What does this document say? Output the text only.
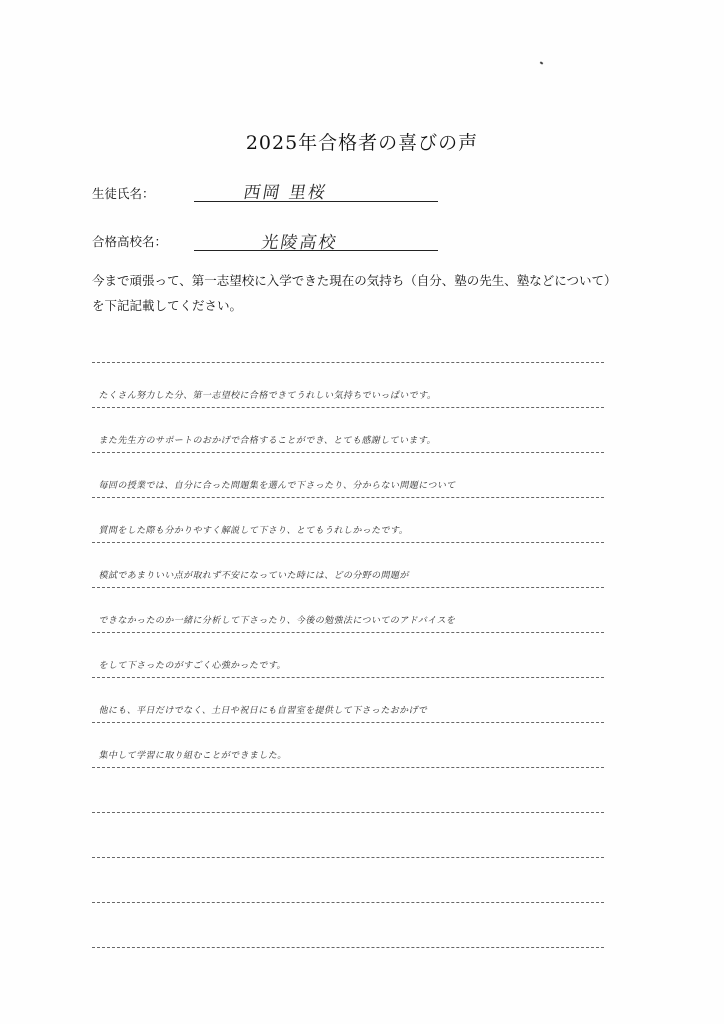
2025年合格者の喜びの声
生徒氏名：	西岡 里桜
合格高校名：	光陵高校
今まで頑張って、第一志望校に入学できた現在の気持ち（自分、塾の先生、塾などについて）を下記記載してください。
たくさん努力した分、第一志望校に合格できてうれしい気持ちでいっぱいです。
また先生方のサポートのおかげで合格することができ、とても感謝しています。
毎回の授業では、自分に合った問題集を選んで下さったり、分からない問題について
質問をした際も分かりやすく解説して下さり、とてもうれしかったです。
模試であまりいい点が取れず不安になっていた時には、どの分野の問題が
できなかったのか一緒に分析して下さったり、今後の勉強法についてのアドバイスを
をして下さったのがすごく心強かったです。
他にも、平日だけでなく、土日や祝日にも自習室を提供して下さったおかげで
集中して学習に取り組むことができました。
